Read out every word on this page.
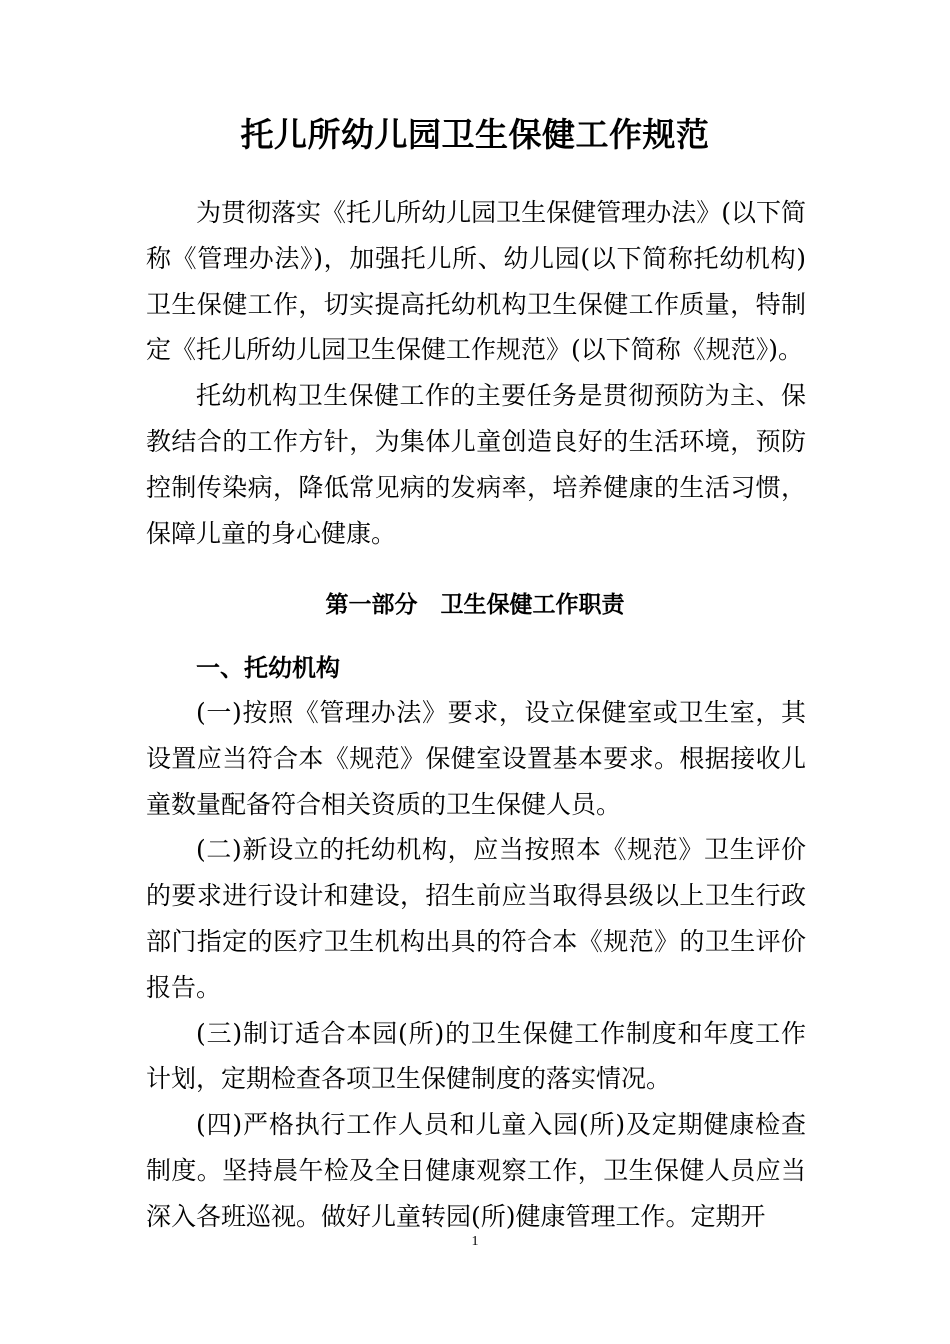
托儿所幼儿园卫生保健工作规范

为贯彻落实《托儿所幼儿园卫生保健管理办法》(以下简称《管理办法》)，加强托儿所、幼儿园(以下简称托幼机构)卫生保健工作，切实提高托幼机构卫生保健工作质量，特制定《托儿所幼儿园卫生保健工作规范》(以下简称《规范》)。

托幼机构卫生保健工作的主要任务是贯彻预防为主、保教结合的工作方针，为集体儿童创造良好的生活环境，预防控制传染病，降低常见病的发病率，培养健康的生活习惯，保障儿童的身心健康。

第一部分　卫生保健工作职责
一、托幼机构

(一)按照《管理办法》要求，设立保健室或卫生室，其设置应当符合本《规范》保健室设置基本要求。根据接收儿童数量配备符合相关资质的卫生保健人员。

(二)新设立的托幼机构，应当按照本《规范》卫生评价的要求进行设计和建设，招生前应当取得县级以上卫生行政部门指定的医疗卫生机构出具的符合本《规范》的卫生评价报告。

(三)制订适合本园(所)的卫生保健工作制度和年度工作计划，定期检查各项卫生保健制度的落实情况。

(四)严格执行工作人员和儿童入园(所)及定期健康检查制度。坚持晨午检及全日健康观察工作，卫生保健人员应当深入各班巡视。做好儿童转园(所)健康管理工作。定期开

1
